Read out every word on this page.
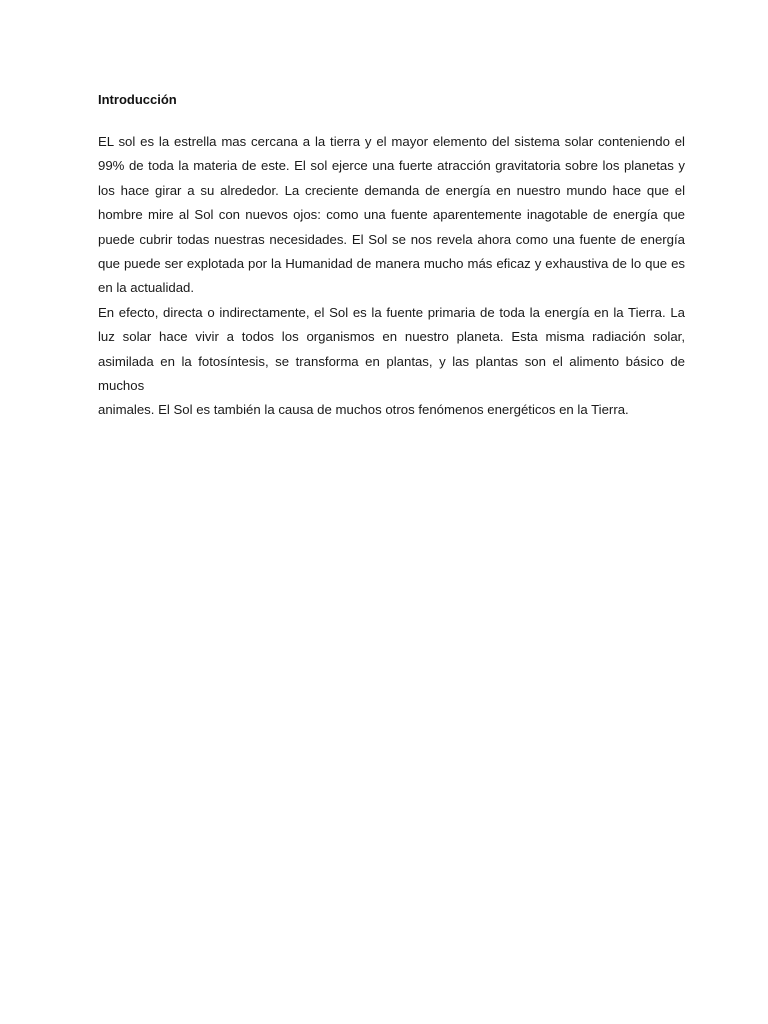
Introducción

EL sol es la estrella mas cercana a la tierra y el mayor elemento del sistema solar conteniendo el 99% de toda la materia de este. El sol ejerce una fuerte atracción gravitatoria sobre los planetas y los hace girar a su alrededor. La creciente demanda de energía en nuestro mundo hace que el hombre mire al Sol con nuevos ojos: como una fuente aparentemente inagotable de energía que puede cubrir todas nuestras necesidades. El Sol se nos revela ahora como una fuente de energía que puede ser explotada por la Humanidad de manera mucho más eficaz y exhaustiva de lo que es en la actualidad.

En efecto, directa o indirectamente, el Sol es la fuente primaria de toda la energía en la Tierra. La luz solar hace vivir a todos los organismos en nuestro planeta. Esta misma radiación solar, asimilada en la fotosíntesis, se transforma en plantas, y las plantas son el alimento básico de muchos

animales. El Sol es también la causa de muchos otros fenómenos energéticos en la Tierra.
